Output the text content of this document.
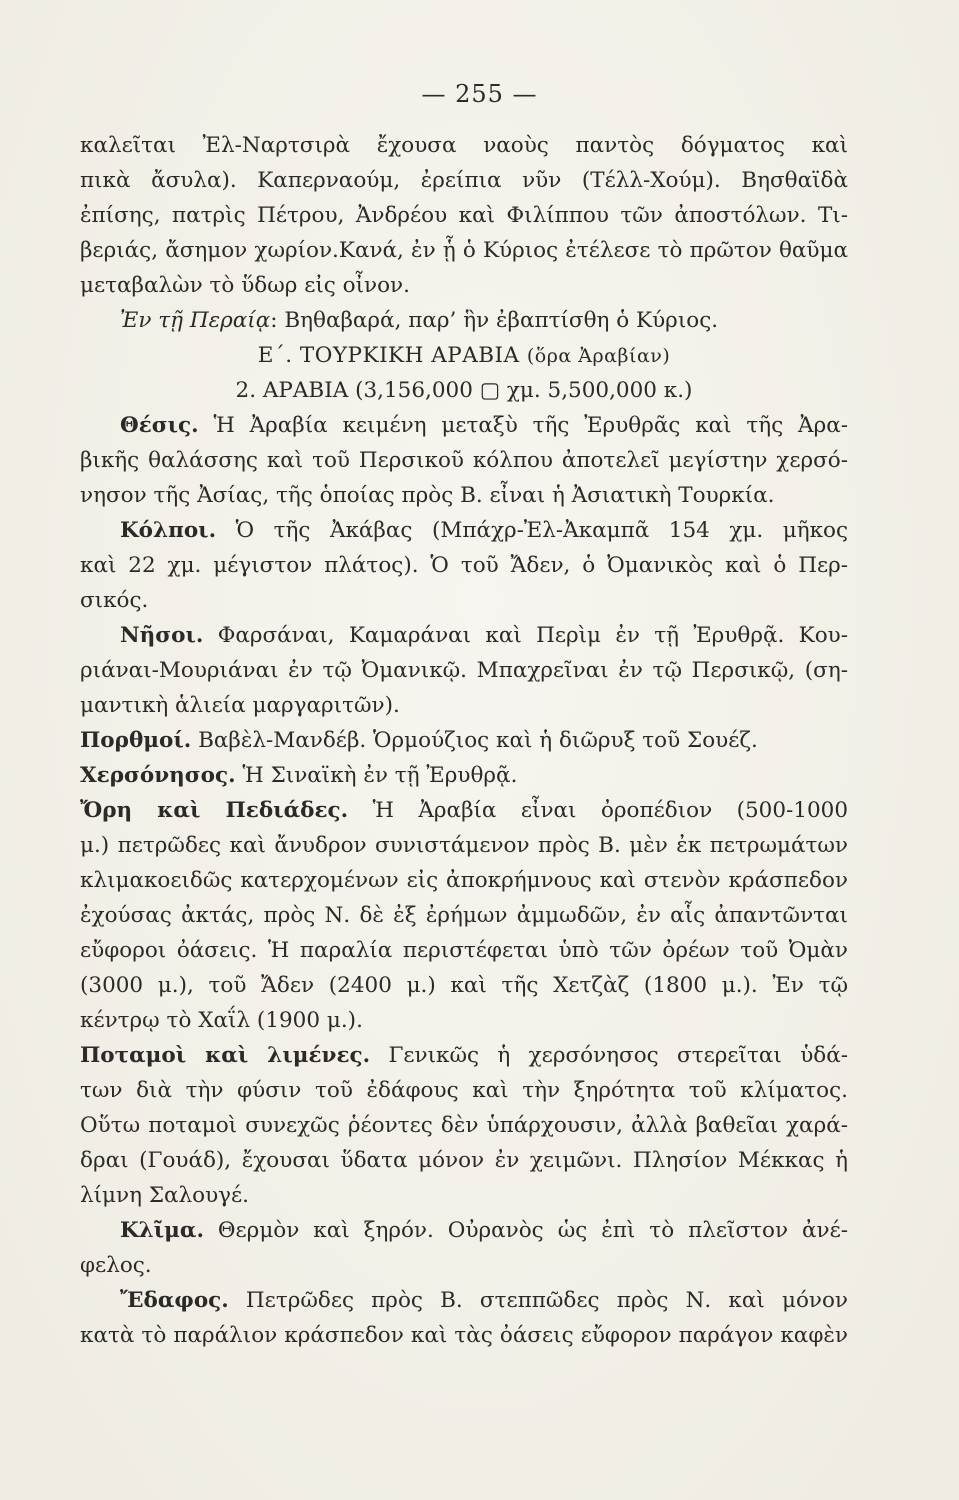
— 255 —
καλεῖται Ἐλ-Ναρτσιρὰ ἔχουσα ναοὺς παντὸς δόγματος καὶ
πικὰ ἄσυλα). Καπερναούμ, ἐρείπια νῦν (Τέλλ-Χούμ). Βησθαϊδὰ
ἐπίσης, πατρὶς Πέτρου, Ἀνδρέου καὶ Φιλίππου τῶν ἀποστόλων. Τι-
βεριάς, ἄσημον χωρίον.Κανά, ἐν ᾗ ὁ Κύριος ἐτέλεσε τὸ πρῶτον θαῦμα
μεταβαλὼν τὸ ὕδωρ εἰς οἶνον.
Ἐν τῇ Περαίᾳ: Βηθαβαρά, παρ’ ἣν ἐβαπτίσθη ὁ Κύριος.
Ε΄. ΤΟΥΡΚΙΚΗ ΑΡΑΒΙΑ (ὅρα Ἀραβίαν)
2. ΑΡΑΒΙΑ (3,156,000 ▢ χμ. 5,500,000 κ.)
Θέσις. Ἡ Ἀραβία κειμένη μεταξὺ τῆς Ἐρυθρᾶς καὶ τῆς Ἀρα-
βικῆς θαλάσσης καὶ τοῦ Περσικοῦ κόλπου ἀποτελεῖ μεγίστην χερσό-
νησον τῆς Ἀσίας, τῆς ὁποίας πρὸς Β. εἶναι ἡ Ἀσιατικὴ Τουρκία.
Κόλποι. Ὁ τῆς Ἀκάβας (Μπάχρ-Ἐλ-Ἀκαμπᾶ 154 χμ. μῆκος
καὶ 22 χμ. μέγιστον πλάτος). Ὁ τοῦ Ἄδεν, ὁ Ὀμανικὸς καὶ ὁ Περ-
σικός.
Νῆσοι. Φαρσάναι, Καμαράναι καὶ Περὶμ ἐν τῇ Ἐρυθρᾷ. Κου-
ριάναι-Μουριάναι ἐν τῷ Ὀμανικῷ. Μπαχρεῖναι ἐν τῷ Περσικῷ, (ση-
μαντικὴ ἁλιεία μαργαριτῶν).
Πορθμοί. Βαβὲλ-Μανδέβ. Ὁρμούζιος καὶ ἡ διῶρυξ τοῦ Σουέζ.
Χερσόνησος. Ἡ Σιναϊκὴ ἐν τῇ Ἐρυθρᾷ.
Ὄρη καὶ Πεδιάδες. Ἡ Ἀραβία εἶναι ὀροπέδιον (500-1000
μ.) πετρῶδες καὶ ἄνυδρον συνιστάμενον πρὸς Β. μὲν ἐκ πετρωμάτων
κλιμακοειδῶς κατερχομένων εἰς ἀποκρήμνους καὶ στενὸν κράσπεδον
ἐχούσας ἀκτάς, πρὸς Ν. δὲ ἐξ ἐρήμων ἀμμωδῶν, ἐν αἷς ἀπαντῶνται
εὔφοροι ὀάσεις. Ἡ παραλία περιστέφεται ὑπὸ τῶν ὀρέων τοῦ Ὀμὰν
(3000 μ.), τοῦ Ἄδεν (2400 μ.) καὶ τῆς Χετζὰζ (1800 μ.). Ἐν τῷ
κέντρῳ τὸ Χαΐλ (1900 μ.).
Ποταμοὶ καὶ λιμένες. Γενικῶς ἡ χερσόνησος στερεῖται ὑδά-
των διὰ τὴν φύσιν τοῦ ἐδάφους καὶ τὴν ξηρότητα τοῦ κλίματος.
Οὕτω ποταμοὶ συνεχῶς ῥέοντες δὲν ὑπάρχουσιν, ἀλλὰ βαθεῖαι χαρά-
δραι (Γουάδ), ἔχουσαι ὕδατα μόνον ἐν χειμῶνι. Πλησίον Μέκκας ἡ
λίμνη Σαλουγέ.
Κλῖμα. Θερμὸν καὶ ξηρόν. Οὐρανὸς ὡς ἐπὶ τὸ πλεῖστον ἀνέ-
φελος.
Ἔδαφος. Πετρῶδες πρὸς Β. στεππῶδες πρὸς Ν. καὶ μόνον
κατὰ τὸ παράλιον κράσπεδον καὶ τὰς ὀάσεις εὔφορον παράγον καφὲν
